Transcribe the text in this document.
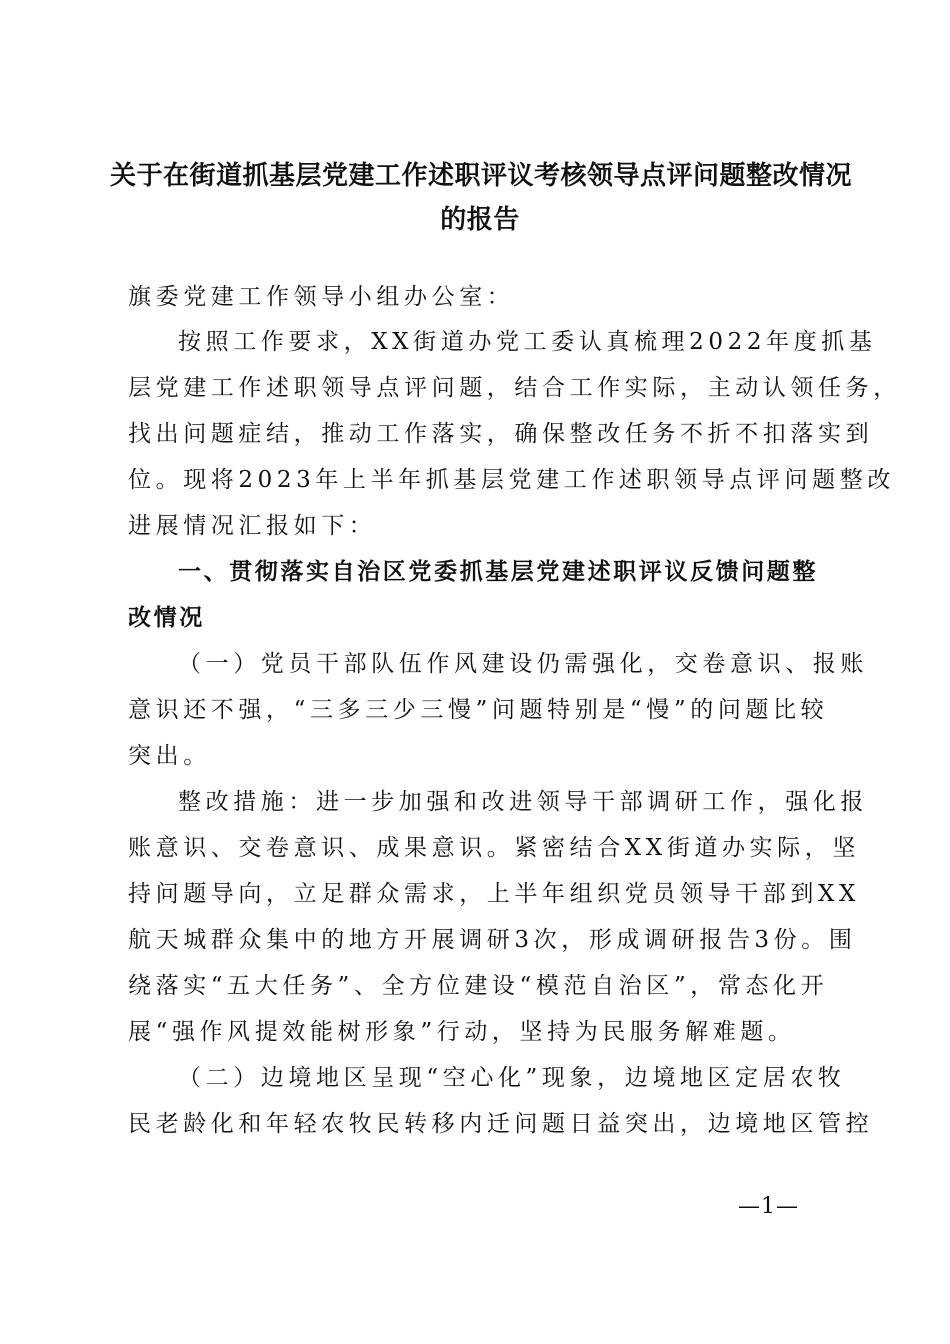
关于在街道抓基层党建工作述职评议考核领导点评问题整改情况
的报告
旗委党建工作领导小组办公室：
按照工作要求，XX街道办党工委认真梳理2022年度抓基
层党建工作述职领导点评问题，结合工作实际，主动认领任务，
找出问题症结，推动工作落实，确保整改任务不折不扣落实到
位。现将2023年上半年抓基层党建工作述职领导点评问题整改
进展情况汇报如下：
一、贯彻落实自治区党委抓基层党建述职评议反馈问题整
改情况
（一）党员干部队伍作风建设仍需强化，交卷意识、报账
意识还不强，“三多三少三慢”问题特别是“慢”的问题比较
突出。
整改措施：进一步加强和改进领导干部调研工作，强化报
账意识、交卷意识、成果意识。紧密结合XX街道办实际，坚
持问题导向，立足群众需求，上半年组织党员领导干部到XX
航天城群众集中的地方开展调研3次，形成调研报告3份。围
绕落实“五大任务”、全方位建设“模范自治区”，常态化开
展“强作风提效能树形象”行动，坚持为民服务解难题。
（二）边境地区呈现“空心化”现象，边境地区定居农牧
民老龄化和年轻农牧民转移内迁问题日益突出，边境地区管控
—1—
